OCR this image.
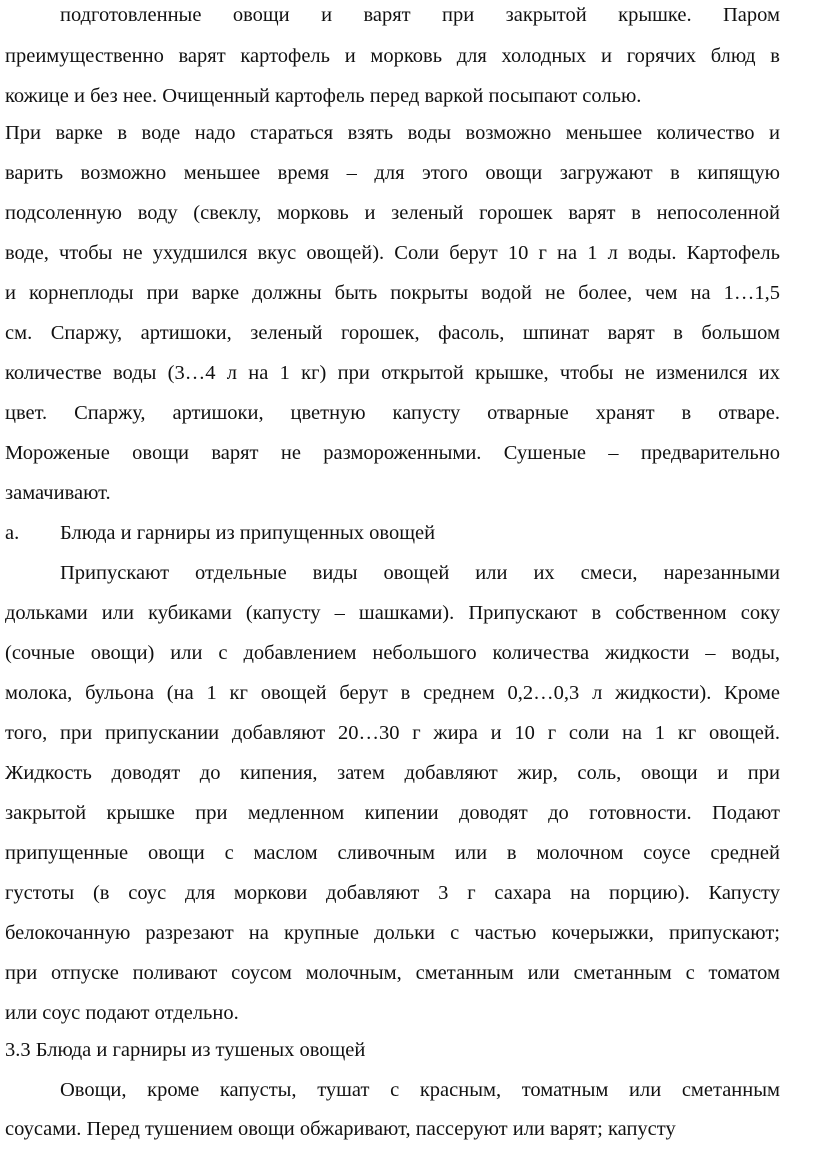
подготовленные овощи и варят при закрытой крышке. Паром
преимущественно варят картофель и морковь для холодных и горячих блюд в
кожице и без нее. Очищенный картофель перед варкой посыпают солью.
При варке в воде надо стараться взять воды возможно меньшее количество и
варить возможно меньшее время – для этого овощи загружают в кипящую
подсоленную воду (свеклу, морковь и зеленый горошек варят в непосоленной
воде, чтобы не ухудшился вкус овощей). Соли берут 10 г на 1 л воды. Картофель
и корнеплоды при варке должны быть покрыты водой не более, чем на 1…1,5
см. Спаржу, артишоки, зеленый горошек, фасоль, шпинат варят в большом
количестве воды (3…4 л на 1 кг) при открытой крышке, чтобы не изменился их
цвет. Спаржу, артишоки, цветную капусту отварные хранят в отваре.
Мороженые овощи варят не размороженными. Сушеные – предварительно
замачивают.
a. Блюда и гарниры из припущенных овощей
Припускают отдельные виды овощей или их смеси, нарезанными
дольками или кубиками (капусту – шашками). Припускают в собственном соку
(сочные овощи) или с добавлением небольшого количества жидкости – воды,
молока, бульона (на 1 кг овощей берут в среднем 0,2…0,3 л жидкости). Кроме
того, при припускании добавляют 20…30 г жира и 10 г соли на 1 кг овощей.
Жидкость доводят до кипения, затем добавляют жир, соль, овощи и при
закрытой крышке при медленном кипении доводят до готовности. Подают
припущенные овощи с маслом сливочным или в молочном соусе средней
густоты (в соус для моркови добавляют 3 г сахара на порцию). Капусту
белокочанную разрезают на крупные дольки с частью кочерыжки, припускают;
при отпуске поливают соусом молочным, сметанным или сметанным с томатом
или соус подают отдельно.
3.3 Блюда и гарниры из тушеных овощей
Овощи, кроме капусты, тушат с красным, томатным или сметанным
соусами. Перед тушением овощи обжаривают, пассеруют или варят; капусту
